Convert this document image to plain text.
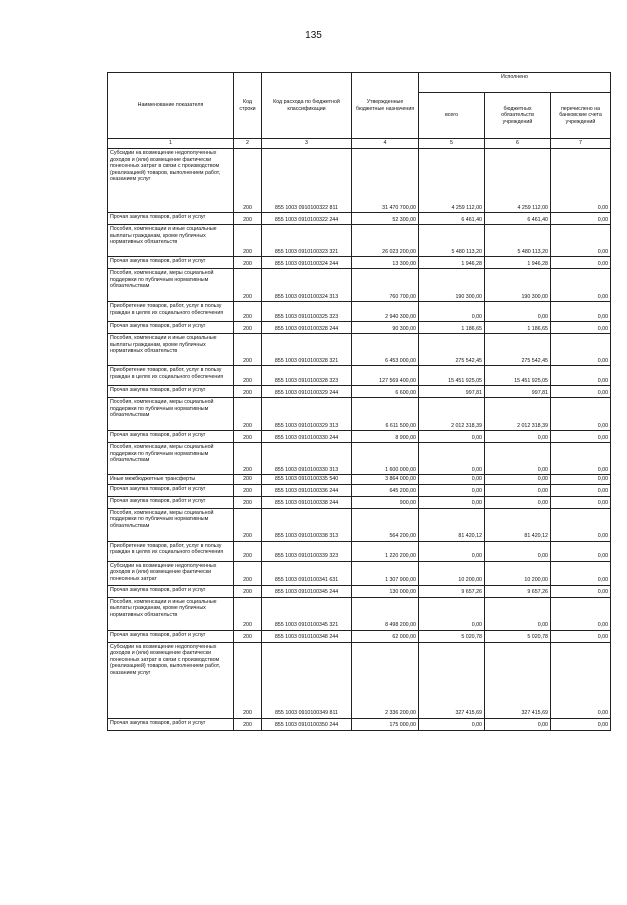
135
Наименование показателя	Код строки	Код расхода по бюджетной классификации	Утвержденные бюджетные назначения	Исполнено		
				всего	бюджетных обязательств учреждений	перечислено на банковские счета учреждений
1	2	3	4	5	6	7
Субсидии на возмещение недополученных доходов и (или) возмещение фактически понесенных затрат в связи с производством (реализацией) товаров, выполнением работ, оказанием услуг	200	855 1003 0910100322 811	31 470 700,00	4 259 112,00	4 259 112,00	0,00
Прочая закупка товаров, работ и услуг	200	855 1003 0910100322 244	52 300,00	6 461,40	6 461,40	0,00
Пособия, компенсации и иные социальные выплаты гражданам, кроме публичных нормативных обязательств	200	855 1003 0910100323 321	26 023 200,00	5 480 113,20	5 480 113,20	0,00
Прочая закупка товаров, работ и услуг	200	855 1003 0910100324 244	13 300,00	1 946,28	1 946,28	0,00
Пособия, компенсации, меры социальной поддержки по публичным нормативным обязательствам	200	855 1003 0910100324 313	760 700,00	190 300,00	190 300,00	0,00
Приобретение товаров, работ, услуг в пользу граждан в целях их социального обеспечения	200	855 1003 0910100325 323	2 940 300,00	0,00	0,00	0,00
Прочая закупка товаров, работ и услуг	200	855 1003 0910100328 244	90 300,00	1 186,65	1 186,65	0,00
Пособия, компенсации и иные социальные выплаты гражданам, кроме публичных нормативных обязательств	200	855 1003 0910100328 321	6 453 000,00	275 542,45	275 542,45	0,00
Приобретение товаров, работ, услуг в пользу граждан в целях их социального обеспечения	200	855 1003 0910100328 323	127 569 400,00	15 451 925,05	15 451 925,05	0,00
Прочая закупка товаров, работ и услуг	200	855 1003 0910100329 244	6 600,00	997,81	997,81	0,00
Пособия, компенсации, меры социальной поддержки по публичным нормативным обязательствам	200	855 1003 0910100329 313	6 611 500,00	2 012 318,39	2 012 318,39	0,00
Прочая закупка товаров, работ и услуг	200	855 1003 0910100330 244	8 900,00	0,00	0,00	0,00
Пособия, компенсации, меры социальной поддержки по публичным нормативным обязательствам	200	855 1003 0910100330 313	1 600 000,00	0,00	0,00	0,00
Иные межбюджетные трансферты	200	855 1003 0910100335 540	3 864 000,00	0,00	0,00	0,00
Прочая закупка товаров, работ и услуг	200	855 1003 0910100336 244	645 200,00	0,00	0,00	0,00
Прочая закупка товаров, работ и услуг	200	855 1003 0910100338 244	900,00	0,00	0,00	0,00
Пособия, компенсации, меры социальной поддержки по публичным нормативным обязательствам	200	855 1003 0910100338 313	564 200,00	81 420,12	81 420,12	0,00
Приобретение товаров, работ, услуг в пользу граждан в целях их социального обеспечения	200	855 1003 0910100339 323	1 220 200,00	0,00	0,00	0,00
Субсидии на возмещение недополученных доходов и (или) возмещение фактически понесенных затрат	200	855 1003 0910100341 631	1 307 900,00	10 200,00	10 200,00	0,00
Прочая закупка товаров, работ и услуг	200	855 1003 0910100345 244	130 000,00	9 657,26	9 657,26	0,00
Пособия, компенсации и иные социальные выплаты гражданам, кроме публичных нормативных обязательств	200	855 1003 0910100345 321	8 498 200,00	0,00	0,00	0,00
Прочая закупка товаров, работ и услуг	200	855 1003 0910100348 244	62 000,00	5 020,78	5 020,78	0,00
Субсидии на возмещение недополученных доходов и (или) возмещение фактически понесенных затрат в связи с производством (реализацией) товаров, выполнением работ, оказанием услуг	200	855 1003 0910100349 811	2 336 200,00	327 415,69	327 415,69	0,00
Прочая закупка товаров, работ и услуг	200	855 1003 0910100350 244	175 000,00	0,00	0,00	0,00
